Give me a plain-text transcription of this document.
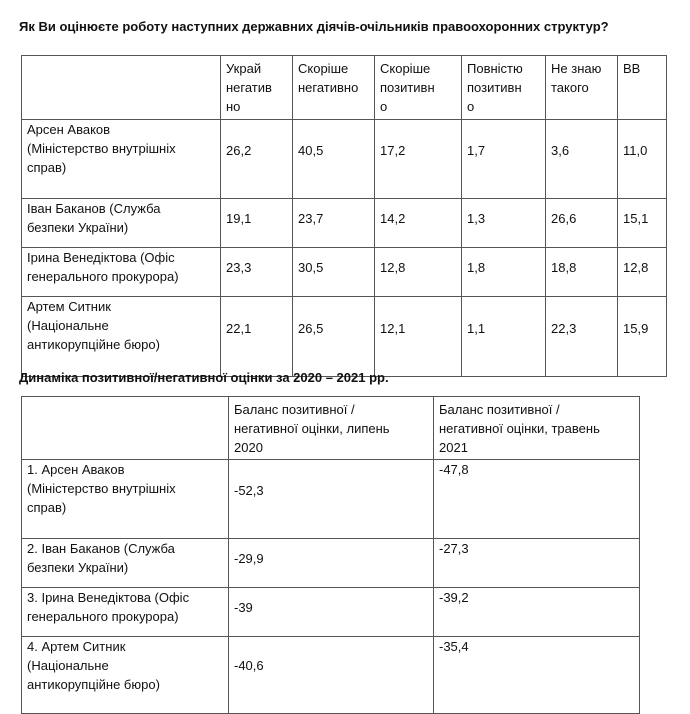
Як Ви оцінюєте роботу наступних державних діячів-очільників правоохоронних структур?

	Украй
негатив
но	Скоріше
негативно	Скоріше
позитивн
о	Повністю
позитивн
о	Не знаю
такого	ВВ
Арсен Аваков
(Міністерство внутрішніх
справ)	26,2	40,5	17,2	1,7	3,6	11,0
Іван Баканов (Служба
безпеки України)	19,1	23,7	14,2	1,3	26,6	15,1
Ірина Венедіктова (Офіс
генерального прокурора)	23,3	30,5	12,8	1,8	18,8	12,8
Артем Ситник
(Національне
антикорупційне бюро)	22,1	26,5	12,1	1,1	22,3	15,9

Динаміка позитивної/негативної оцінки за 2020 – 2021 рр.

	Баланс позитивної /
негативної оцінки, липень
2020	Баланс позитивної /
негативної оцінки, травень
2021
1. Арсен Аваков
(Міністерство внутрішніх
справ)	-52,3	-47,8
2. Іван Баканов (Служба
безпеки України)	-29,9	-27,3
3. Ірина Венедіктова (Офіс
генерального прокурора)	-39	-39,2
4. Артем Ситник
(Національне
антикорупційне бюро)	-40,6	-35,4
